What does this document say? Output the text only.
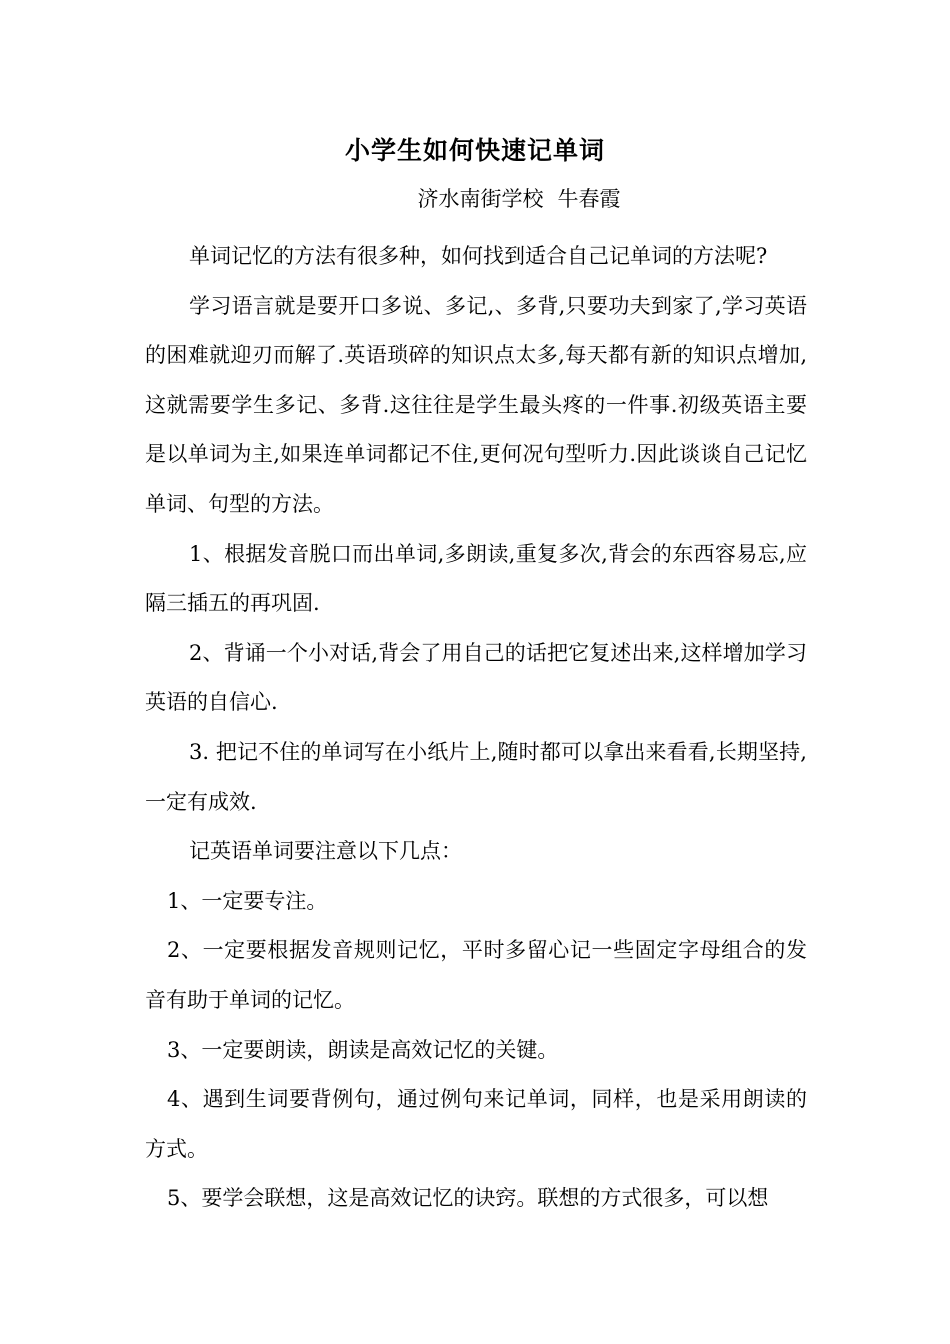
小学生如何快速记单词
济水南街学校 牛春霞

单词记忆的方法有很多种，如何找到适合自己记单词的方法呢?

学习语言就是要开口多说、多记,、多背,只要功夫到家了,学习英语的困难就迎刃而解了.英语琐碎的知识点太多,每天都有新的知识点增加,这就需要学生多记、多背.这往往是学生最头疼的一件事.初级英语主要是以单词为主,如果连单词都记不住,更何况句型听力.因此谈谈自己记忆单词、句型的方法。

1、根据发音脱口而出单词,多朗读,重复多次,背会的东西容易忘,应隔三插五的再巩固.

2、背诵一个小对话,背会了用自己的话把它复述出来,这样增加学习英语的自信心.

3. 把记不住的单词写在小纸片上,随时都可以拿出来看看,长期坚持,一定有成效.

记英语单词要注意以下几点：

1、一定要专注。

2、一定要根据发音规则记忆，平时多留心记一些固定字母组合的发音有助于单词的记忆。

3、一定要朗读，朗读是高效记忆的关键。

4、遇到生词要背例句，通过例句来记单词，同样，也是采用朗读的方式。

5、要学会联想，这是高效记忆的诀窍。联想的方式很多，可以想
